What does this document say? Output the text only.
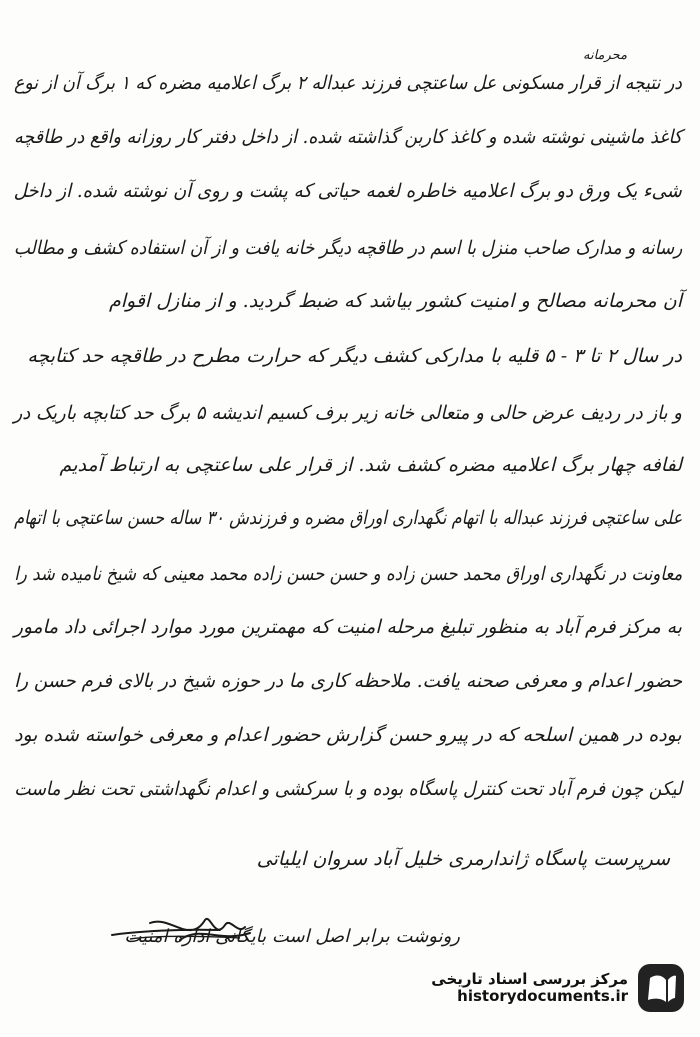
محرمانه
در نتیجه از قرار مسکونی عل ساعتچی فرزند عبداله ۲ برگ اعلامیه مضره که ۱ برگ آن از نوع
کاغذ ماشینی نوشته شده و کاغذ کاربن گذاشته شده. از داخل دفتر کار روزانه واقع در طاقچه
شیء یک ورق دو برگ اعلامیه خاطره لغمه حیاتی که پشت و روی آن نوشته شده. از داخل
رسانه و مدارک صاحب منزل با اسم در طاقچه دیگر خانه یافت و از آن استفاده کشف و مطالب
آن محرمانه مصالح و امنیت کشور بیاشد که ضبط گردید. و از منازل اقوام
در سال ۲ تا ۳ - ۵ قلیه با مدارکی کشف دیگر که حرارت مطرح در طاقچه حد کتابچه
و باز در ردیف عرض حالی و متعالی خانه زیر برف کسیم اندیشه ۵ برگ حد کتابچه باریک در
لفافه چهار برگ اعلامیه مضره کشف شد. از قرار علی ساعتچی به ارتباط آمدیم
علی ساعتچی فرزند عبداله با اتهام نگهداری اوراق مضره و فرزندش ۳۰ ساله حسن ساعتچی با اتهام
معاونت در نگهداری اوراق محمد حسن زاده و حسن حسن زاده محمد معینی که شیخ نامیده شد را
به مرکز فرم آباد به منظور تبلیغ مرحله امنیت که مهمترین مورد موارد اجرائی داد مامور
حضور اعدام و معرفی صحنه یافت. ملاحظه کاری ما در حوزه شیخ در بالای فرم حسن را
بوده در همین اسلحه که در پیرو حسن گزارش حضور اعدام و معرفی خواسته شده بود
لیکن چون فرم آباد تحت کنترل پاسگاه بوده و با سرکشی و اعدام نگهداشتی تحت نظر ماست
سرپرست پاسگاه ژاندارمری خلیل آباد سروان ایلیاتی
رونوشت برابر اصل است بایگانی اداره امنیت
مرکز بررسی اسناد تاریخی
historydocuments.ir
